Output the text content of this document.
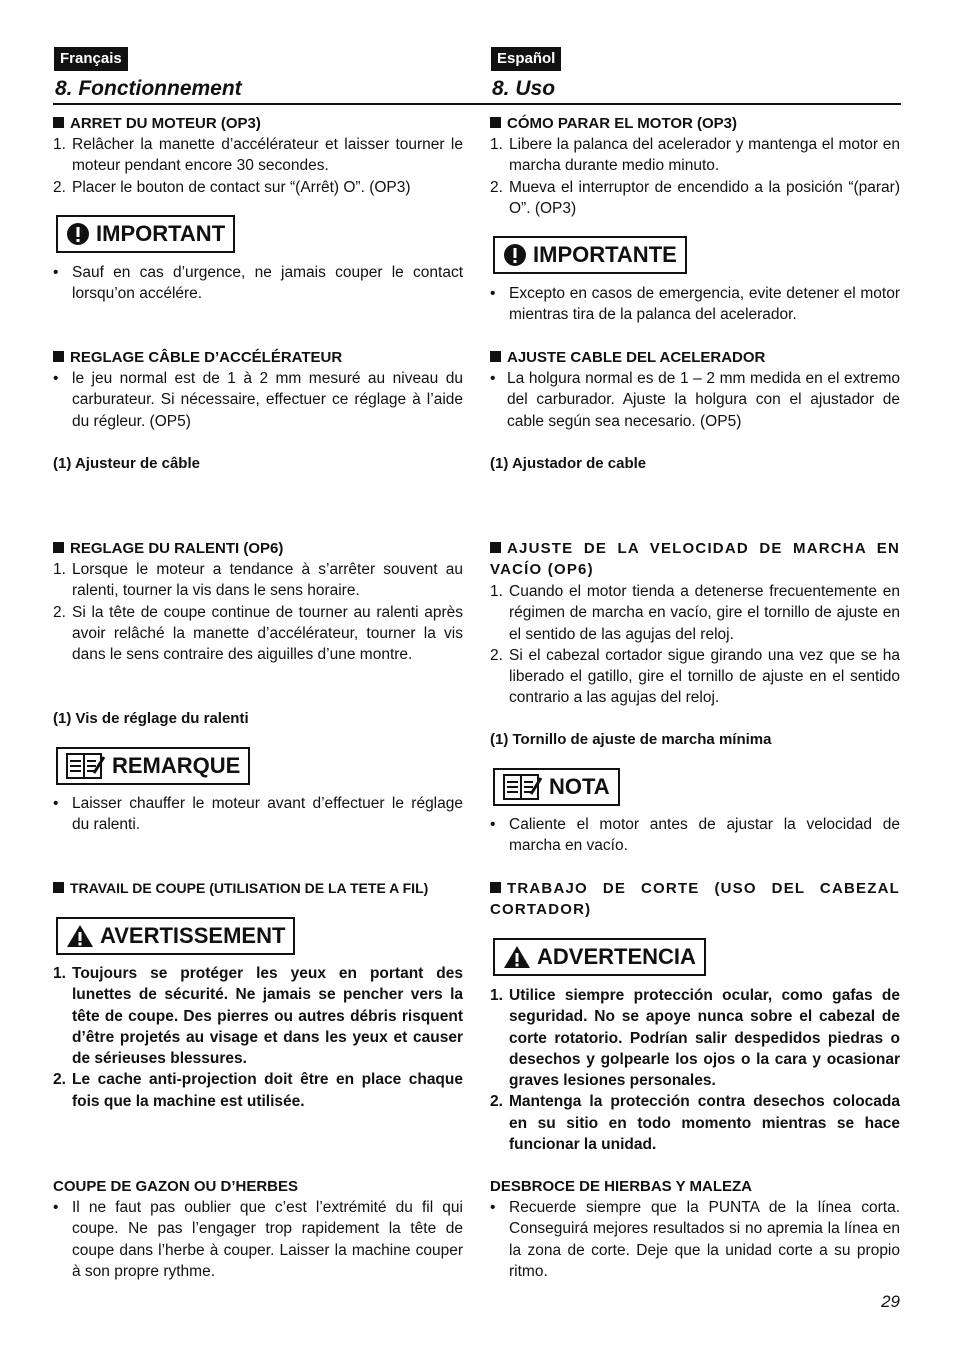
Français
8. Fonctionnement
ARRET DU MOTEUR (OP3)
1. Relâcher la manette d’accélérateur et laisser tourner le moteur pendant encore 30 secondes.
2. Placer le bouton de contact sur “(Arrêt) O”. (OP3)
IMPORTANT
• Sauf en cas d’urgence, ne jamais couper le contact lorsqu’on accélére.
REGLAGE CÂBLE D’ACCÉLÉRATEUR
• le jeu normal est de 1 à 2 mm mesuré au niveau du carburateur. Si nécessaire, effectuer ce réglage à l’aide du régleur. (OP5)
(1) Ajusteur de câble
REGLAGE DU RALENTI (OP6)
1. Lorsque le moteur a tendance à s’arrêter souvent au ralenti, tourner la vis dans le sens horaire.
2. Si la tête de coupe continue de tourner au ralenti après avoir relâché la manette d’accélérateur, tourner la vis dans le sens contraire des aiguilles d’une montre.
(1) Vis de réglage du ralenti
REMARQUE
• Laisser chauffer le moteur avant d’effectuer le réglage du ralenti.
TRAVAIL DE COUPE (UTILISATION DE LA TETE A FIL)
AVERTISSEMENT
1. Toujours se protéger les yeux en portant des lunettes de sécurité. Ne jamais se pencher vers la tête de coupe. Des pierres ou autres débris risquent d’être projetés au visage et dans les yeux et causer de sérieuses blessures.
2. Le cache anti-projection doit être en place chaque fois que la machine est utilisée.
COUPE DE GAZON OU D’HERBES
• Il ne faut pas oublier que c’est l’extrémité du fil qui coupe. Ne pas l’engager trop rapidement la tête de coupe dans l’herbe à couper. Laisser la machine couper à son propre rythme.
Español
8. Uso
CÓMO PARAR EL MOTOR (OP3)
1. Libere la palanca del acelerador y mantenga el motor en marcha durante medio minuto.
2. Mueva el interruptor de encendido a la posición “(parar) O”. (OP3)
IMPORTANTE
• Excepto en casos de emergencia, evite detener el motor mientras tira de la palanca del acelerador.
AJUSTE CABLE DEL ACELERADOR
• La holgura normal es de 1 – 2 mm medida en el extremo del carburador. Ajuste la holgura con el ajustador de cable según sea necesario. (OP5)
(1) Ajustador de cable
AJUSTE DE LA VELOCIDAD DE MARCHA EN VACÍO (OP6)
1. Cuando el motor tienda a detenerse frecuentemente en régimen de marcha en vacío, gire el tornillo de ajuste en el sentido de las agujas del reloj.
2. Si el cabezal cortador sigue girando una vez que se ha liberado el gatillo, gire el tornillo de ajuste en el sentido contrario a las agujas del reloj.
(1) Tornillo de ajuste de marcha mínima
NOTA
• Caliente el motor antes de ajustar la velocidad de marcha en vacío.
TRABAJO DE CORTE (USO DEL CABEZAL CORTADOR)
ADVERTENCIA
1. Utilice siempre protección ocular, como gafas de seguridad. No se apoye nunca sobre el cabezal de corte rotatorio. Podrían salir despedidos piedras o desechos y golpearle los ojos o la cara y ocasionar graves lesiones personales.
2. Mantenga la protección contra desechos colocada en su sitio en todo momento mientras se hace funcionar la unidad.
DESBROCE DE HIERBAS Y MALEZA
• Recuerde siempre que la PUNTA de la línea corta. Conseguirá mejores resultados si no apremia la línea en la zona de corte. Deje que la unidad corte a su propio ritmo.
29
